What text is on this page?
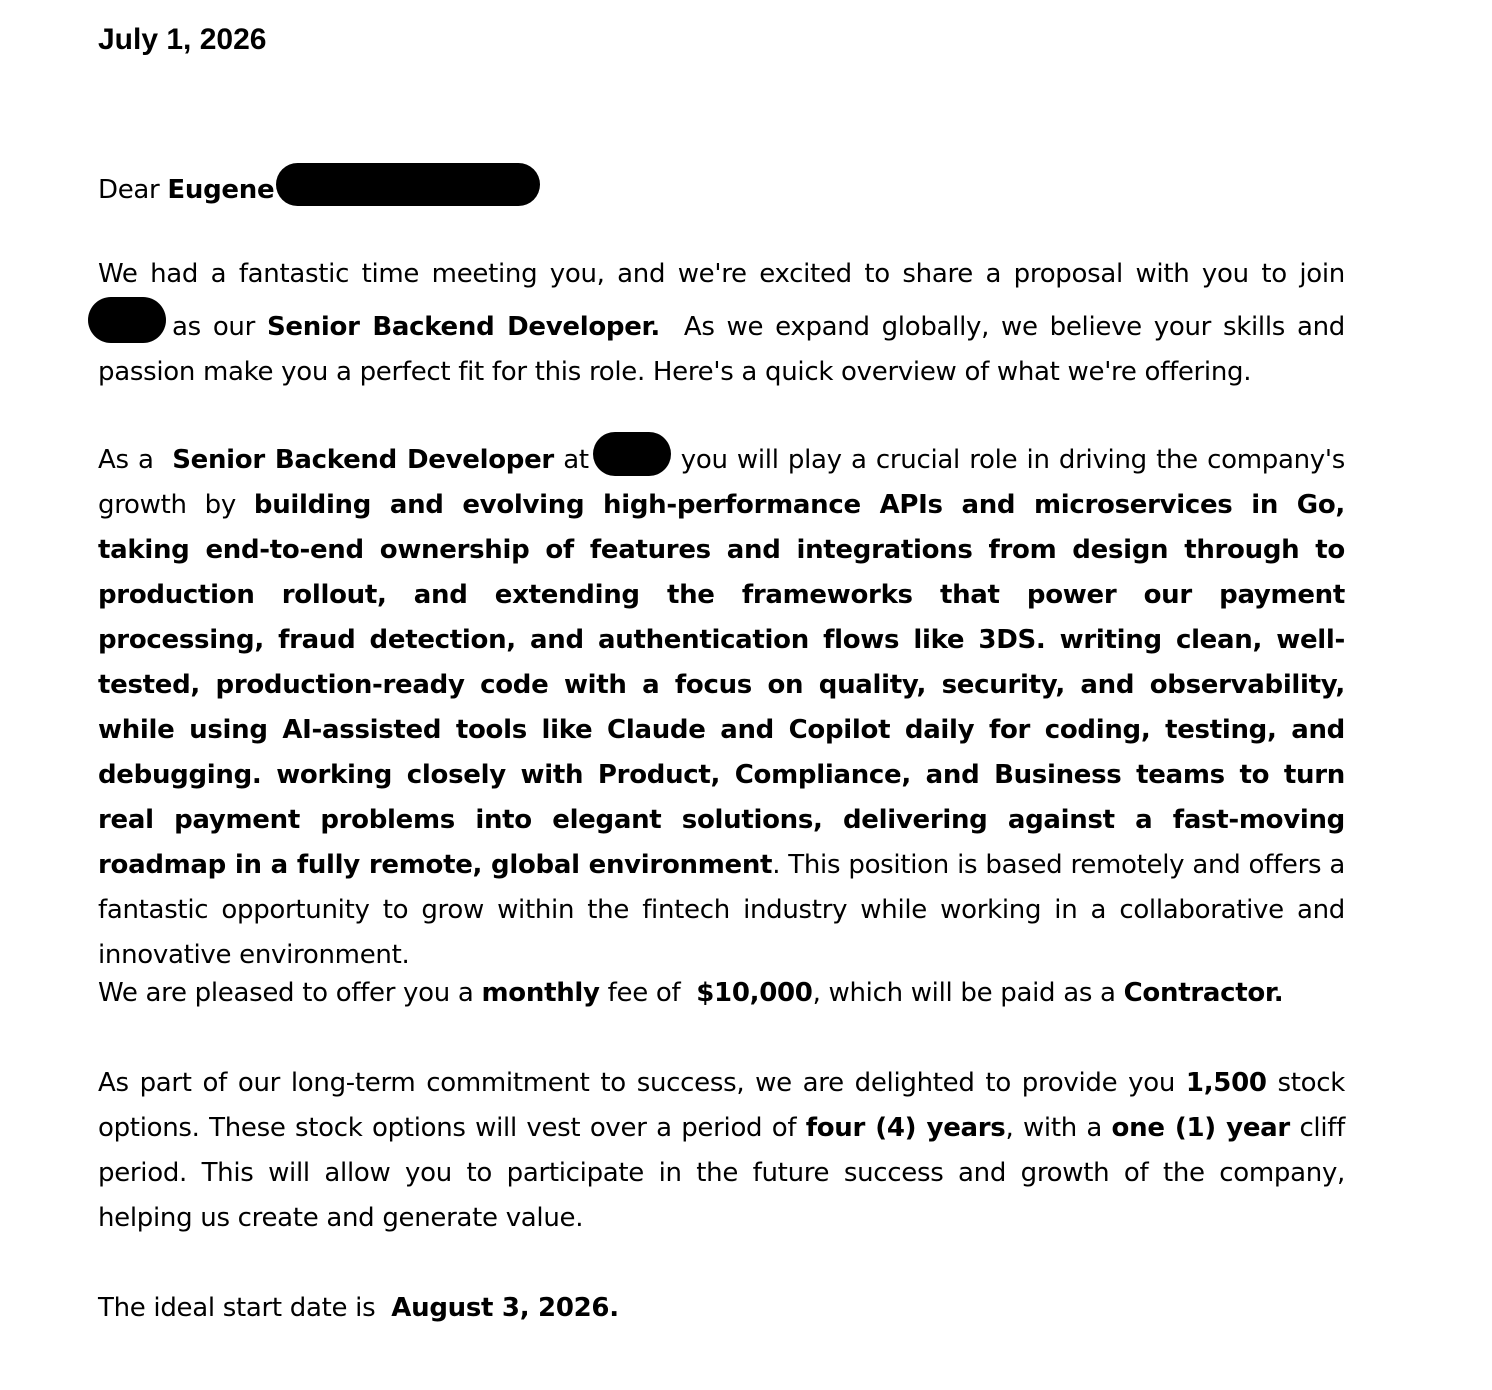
July 1, 2026

Dear Eugene

We had a fantastic time meeting you, and we're excited to share a proposal with you to join as our Senior Backend Developer. As we expand globally, we believe your skills and passion make you a perfect fit for this role. Here's a quick overview of what we're offering.

As a Senior Backend Developer at	you will play a crucial role in driving the company's growth by building and evolving high-performance APIs and microservices in Go, taking end-to-end ownership of features and integrations from design through to production rollout, and extending the frameworks that power our payment processing, fraud detection, and authentication flows like 3DS. writing clean, well-tested, production-ready code with a focus on quality, security, and observability, while using AI-assisted tools like Claude and Copilot daily for coding, testing, and debugging. working closely with Product, Compliance, and Business teams to turn real payment problems into elegant solutions, delivering against a fast-moving roadmap in a fully remote, global environment. This position is based remotely and offers a fantastic opportunity to grow within the fintech industry while working in a collaborative and innovative environment.

We are pleased to offer you a monthly fee of $10,000, which will be paid as a Contractor.

As part of our long-term commitment to success, we are delighted to provide you 1,500 stock options. These stock options will vest over a period of four (4) years, with a one (1) year cliff period. This will allow you to participate in the future success and growth of the company, helping us create and generate value.

The ideal start date is August 3, 2026.
